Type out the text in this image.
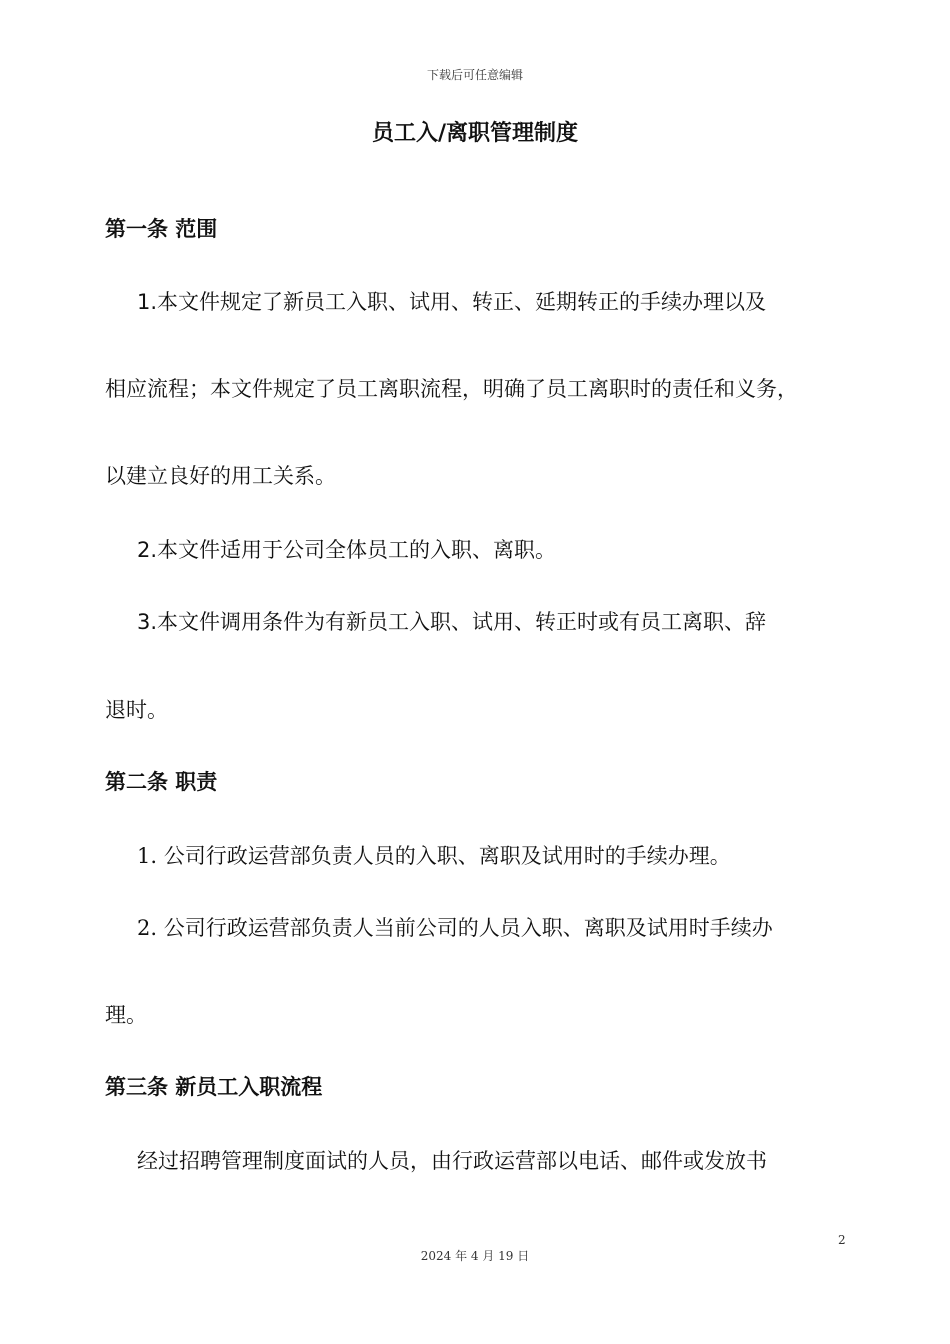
下载后可任意编辑
员工入/离职管理制度
第一条 范围
1.本文件规定了新员工入职、试用、转正、延期转正的手续办理以及
相应流程；本文件规定了员工离职流程，明确了员工离职时的责任和义务，
以建立良好的用工关系。
2.本文件适用于公司全体员工的入职、离职。
3.本文件调用条件为有新员工入职、试用、转正时或有员工离职、辞
退时。
第二条 职责
1. 公司行政运营部负责人员的入职、离职及试用时的手续办理。
2. 公司行政运营部负责人当前公司的人员入职、离职及试用时手续办
理。
第三条 新员工入职流程
经过招聘管理制度面试的人员，由行政运营部以电话、邮件或发放书
2
2024 年 4 月 19 日
